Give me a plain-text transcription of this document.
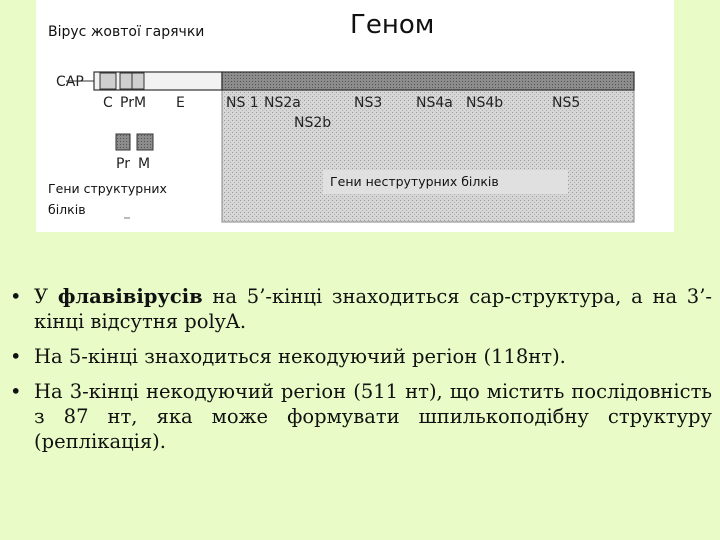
CAP
C PrM E	NS 1 NS2a	NS3 NS4a NS4b	NS5
NS2b
Pr M
Вірус жовтої гарячки	Геном
Гени структурних білків
Гени неструтурних білків
• У флавівірусів на 5’-кінці знаходиться cap-структура, а на 3’-кінці відсутня polyA.
• На 5-кінці знаходиться некодуючий регіон (118нт).
• На 3-кінці некодуючий регіон (511 нт), що містить послідовність з 87 нт, яка може формувати шпилькоподібну структуру (реплікація).
